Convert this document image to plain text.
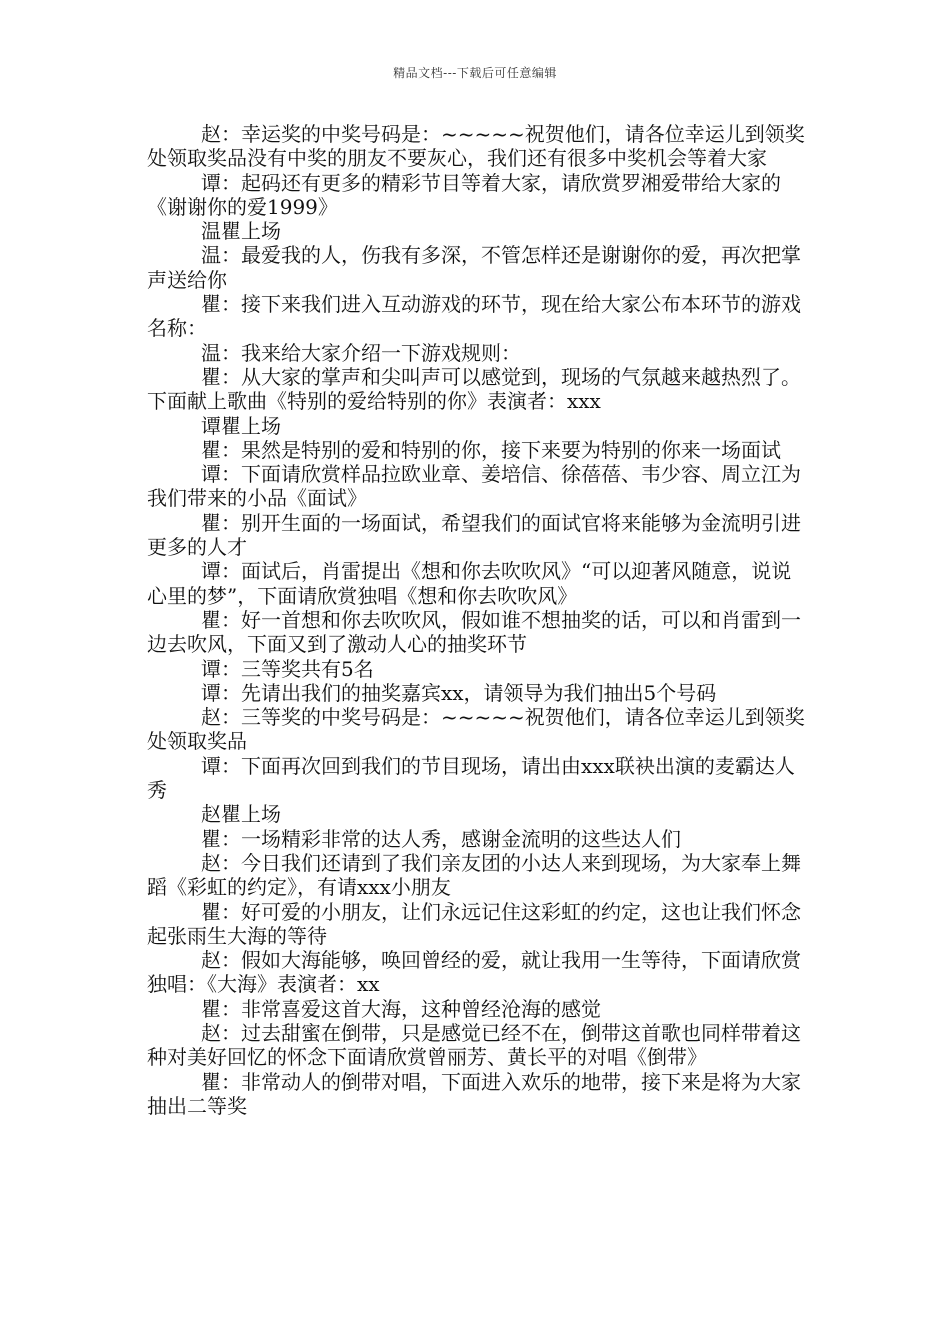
精品文档---下载后可任意编辑

赵：幸运奖的中奖号码是：~~~~~祝贺他们，请各位幸运儿到领奖处领取奖品没有中奖的朋友不要灰心，我们还有很多中奖机会等着大家

谭：起码还有更多的精彩节目等着大家，请欣赏罗湘爱带给大家的《谢谢你的爱1999》

温瞿上场

温：最爱我的人，伤我有多深，不管怎样还是谢谢你的爱，再次把掌声送给你

瞿：接下来我们进入互动游戏的环节，现在给大家公布本环节的游戏名称：

温：我来给大家介绍一下游戏规则：

瞿：从大家的掌声和尖叫声可以感觉到，现场的气氛越来越热烈了。下面献上歌曲《特别的爱给特别的你》表演者：xxx

谭瞿上场

瞿：果然是特别的爱和特别的你，接下来要为特别的你来一场面试

谭：下面请欣赏样品拉欧业章、姜培信、徐蓓蓓、韦少容、周立江为我们带来的小品《面试》

瞿：别开生面的一场面试，希望我们的面试官将来能够为金流明引进更多的人才

谭：面试后，肖雷提出《想和你去吹吹风》“可以迎著风随意，说说心里的梦”，下面请欣赏独唱《想和你去吹吹风》

瞿：好一首想和你去吹吹风，假如谁不想抽奖的话，可以和肖雷到一边去吹风，下面又到了激动人心的抽奖环节

谭：三等奖共有5名

谭：先请出我们的抽奖嘉宾xx，请领导为我们抽出5个号码

赵：三等奖的中奖号码是：~~~~~祝贺他们，请各位幸运儿到领奖处领取奖品

谭：下面再次回到我们的节目现场，请出由xxx联袂出演的麦霸达人秀

赵瞿上场

瞿：一场精彩非常的达人秀，感谢金流明的这些达人们

赵：今日我们还请到了我们亲友团的小达人来到现场，为大家奉上舞蹈《彩虹的约定》，有请xxx小朋友

瞿：好可爱的小朋友，让们永远记住这彩虹的约定，这也让我们怀念起张雨生大海的等待

赵：假如大海能够，唤回曾经的爱，就让我用一生等待，下面请欣赏独唱：《大海》表演者：xx

瞿：非常喜爱这首大海，这种曾经沧海的感觉

赵：过去甜蜜在倒带，只是感觉已经不在，倒带这首歌也同样带着这种对美好回忆的怀念下面请欣赏曾丽芳、黄长平的对唱《倒带》

瞿：非常动人的倒带对唱，下面进入欢乐的地带，接下来是将为大家抽出二等奖
